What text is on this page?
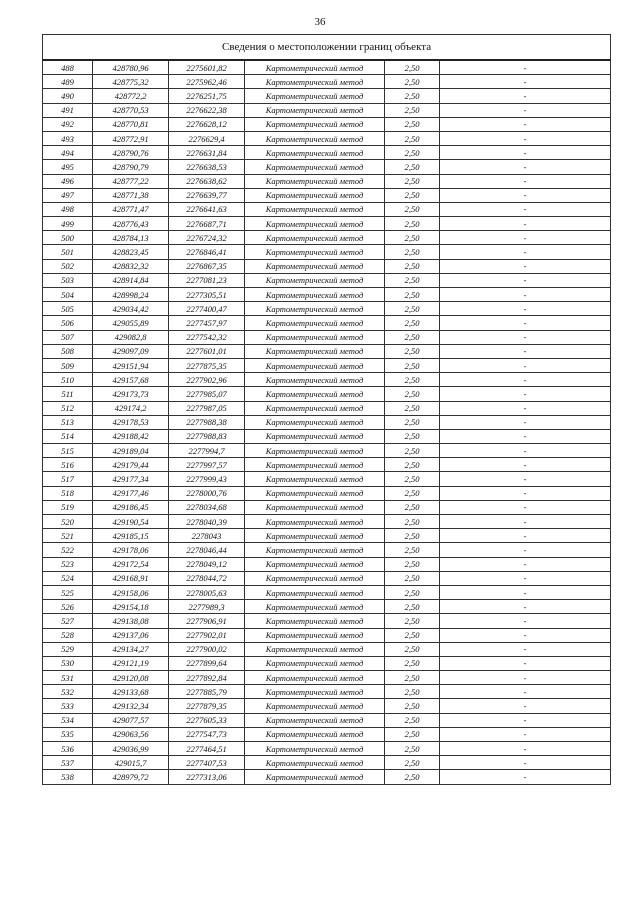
36
Сведения о местоположении границ объекта					
488	428780,96	2275601,82	Картометрический метод	2,50	-
489	428775,32	2275962,46	Картометрический метод	2,50	-
490	428772,2	2276251,75	Картометрический метод	2,50	-
491	428770,53	2276622,38	Картометрический метод	2,50	-
492	428770,81	2276628,12	Картометрический метод	2,50	-
493	428772,91	2276629,4	Картометрический метод	2,50	-
494	428790,76	2276631,84	Картометрический метод	2,50	-
495	428790,79	2276638,53	Картометрический метод	2,50	-
496	428777,22	2276638,62	Картометрический метод	2,50	-
497	428771,38	2276639,77	Картометрический метод	2,50	-
498	428771,47	2276641,63	Картометрический метод	2,50	-
499	428776,43	2276687,71	Картометрический метод	2,50	-
500	428784,13	2276724,32	Картометрический метод	2,50	-
501	428823,45	2276846,41	Картометрический метод	2,50	-
502	428832,32	2276867,35	Картометрический метод	2,50	-
503	428914,84	2277081,23	Картометрический метод	2,50	-
504	428998,24	2277305,51	Картометрический метод	2,50	-
505	429034,42	2277400,47	Картометрический метод	2,50	-
506	429055,89	2277457,97	Картометрический метод	2,50	-
507	429082,8	2277542,32	Картометрический метод	2,50	-
508	429097,09	2277601,01	Картометрический метод	2,50	-
509	429151,94	2277875,35	Картометрический метод	2,50	-
510	429157,68	2277902,96	Картометрический метод	2,50	-
511	429173,73	2277985,07	Картометрический метод	2,50	-
512	429174,2	2277987,05	Картометрический метод	2,50	-
513	429178,53	2277988,38	Картометрический метод	2,50	-
514	429188,42	2277988,83	Картометрический метод	2,50	-
515	429189,04	2277994,7	Картометрический метод	2,50	-
516	429179,44	2277997,57	Картометрический метод	2,50	-
517	429177,34	2277999,43	Картометрический метод	2,50	-
518	429177,46	2278000,76	Картометрический метод	2,50	-
519	429186,45	2278034,68	Картометрический метод	2,50	-
520	429190,54	2278040,39	Картометрический метод	2,50	-
521	429185,15	2278043	Картометрический метод	2,50	-
522	429178,06	2278046,44	Картометрический метод	2,50	-
523	429172,54	2278049,12	Картометрический метод	2,50	-
524	429168,91	2278044,72	Картометрический метод	2,50	-
525	429158,06	2278005,63	Картометрический метод	2,50	-
526	429154,18	2277989,3	Картометрический метод	2,50	-
527	429138,08	2277906,91	Картометрический метод	2,50	-
528	429137,06	2277902,01	Картометрический метод	2,50	-
529	429134,27	2277900,02	Картометрический метод	2,50	-
530	429121,19	2277899,64	Картометрический метод	2,50	-
531	429120,08	2277892,84	Картометрический метод	2,50	-
532	429133,68	2277885,79	Картометрический метод	2,50	-
533	429132,34	2277879,35	Картометрический метод	2,50	-
534	429077,57	2277605,33	Картометрический метод	2,50	-
535	429063,56	2277547,73	Картометрический метод	2,50	-
536	429036,99	2277464,51	Картометрический метод	2,50	-
537	429015,7	2277407,53	Картометрический метод	2,50	-
538	428979,72	2277313,06	Картометрический метод	2,50	-
